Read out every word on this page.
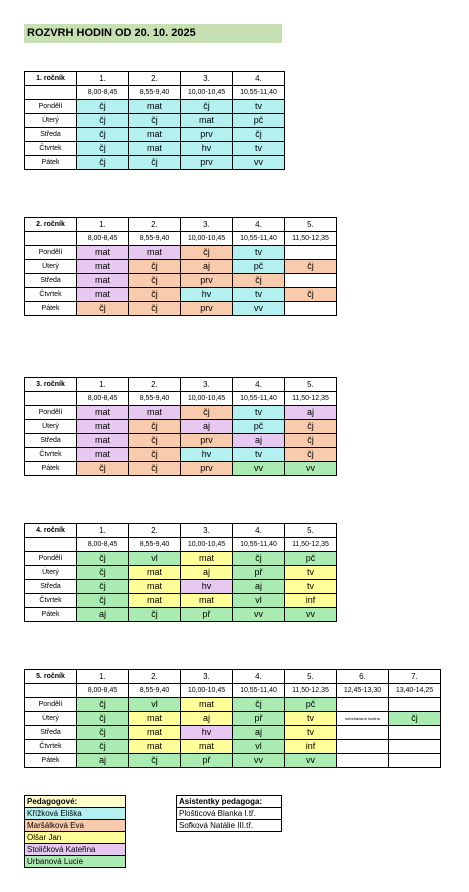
ROZVRH HODIN OD 20. 10. 2025
1. ročník	1.	2.	3.	4.
	8,00-8,45	8,55-9,40	10,00-10,45	10,55-11,40
Pondělí	čj	mat	čj	tv
Úterý	čj	čj	mat	pč
Středa	čj	mat	prv	čj
Čtvrtek	čj	mat	hv	tv
Pátek	čj	čj	prv	vv
2. ročník	1.	2.	3.	4.	5.
	8,00-8,45	8,55-9,40	10,00-10,45	10,55-11,40	11,50-12,35
Pondělí	mat	mat	čj	tv	
Úterý	mat	čj	aj	pč	čj
Středa	mat	čj	prv	čj	
Čtvrtek	mat	čj	hv	tv	čj
Pátek	čj	čj	prv	vv	
3. ročník	1.	2.	3.	4.	5.
	8,00-8,45	8,55-9,40	10,00-10,45	10,55-11,40	11,50-12,35
Pondělí	mat	mat	čj	tv	aj
Úterý	mat	čj	aj	pč	čj
Středa	mat	čj	prv	aj	čj
Čtvrtek	mat	čj	hv	tv	čj
Pátek	čj	čj	prv	vv	vv
4. ročník	1.	2.	3.	4.	5.
	8,00-8,45	8,55-9,40	10,00-10,45	10,55-11,40	11,50-12,35
Pondělí	čj	vl	mat	čj	pč
Úterý	čj	mat	aj	př	tv
Středa	čj	mat	hv	aj	tv
Čtvrtek	čj	mat	mat	vl	inf
Pátek	aj	čj	př	vv	vv
5. ročník	1.	2.	3.	4.	5.	6.	7.
	8,00-8,45	8,55-9,40	10,00-10,45	10,55-11,40	11,50-12,35	12,45-13,30	13,40-14,25
Pondělí	čj	vl	mat	čj	pč		
Úterý	čj	mat	aj	př	tv	sebekázaná hodina	čj
Středa	čj	mat	hv	aj	tv		
Čtvrtek	čj	mat	mat	vl	inf		
Pátek	aj	čj	př	vv	vv		
Pedagogové:
Křížková Eliška
Maršálková Eva
Olšar Jan
Stoličková Kateřina
Urbanová Lucie
Asistentky pedagoga:
Plošticová Blanka I.tř.
Sofková Natálie III.tř.
